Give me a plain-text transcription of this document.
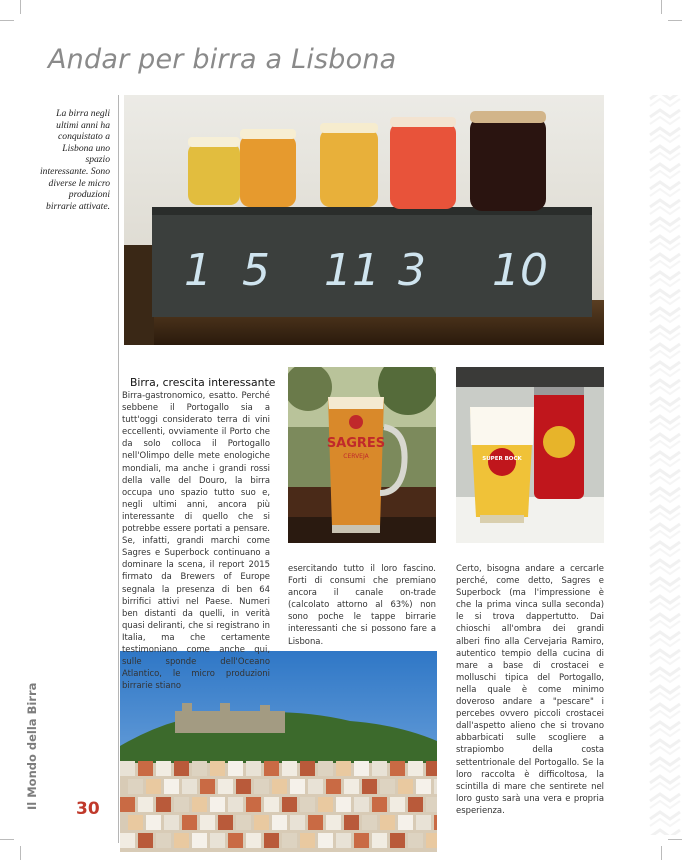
Andar per birra a Lisbona
La birra negli ultimi anni ha conquistato a Lisbona uno spazio interessante. Sono diverse le micro produzioni birrarie attivate.
1 5 11 3 10
SAGRES
CERVEJA	SUPER BOCK
Birra, crescita interessante
Birra-gastronomico, esatto. Perché sebbene il Portogallo sia a tutt'oggi considerato terra di vini eccellenti, ovviamente il Porto che da solo colloca il Portogallo nell'Olimpo delle mete enologiche mondiali, ma anche i grandi rossi della valle del Douro, la birra occupa uno spazio tutto suo e, negli ultimi anni, ancora più interessante di quello che si potrebbe essere portati a pensare. Se, infatti, grandi marchi come Sagres e Superbock continuano a dominare la scena, il report 2015 firmato da Brewers of Europe segnala la presenza di ben 64 birrifici attivi nel Paese. Numeri ben distanti da quelli, in verità quasi deliranti, che si registrano in Italia, ma che certamente testimoniano come anche qui, sulle sponde dell'Oceano Atlantico, le micro produzioni birrarie stiano
esercitando tutto il loro fascino. Forti di consumi che premiano ancora il canale on-trade (calcolato attorno al 63%) non sono poche le tappe birrarie interessanti che si possono fare a Lisbona.
Certo, bisogna andare a cercarle perché, come detto, Sagres e Superbock (ma l'impressione è che la prima vinca sulla seconda) le si trova dappertutto. Dai chioschi all'ombra dei grandi alberi fino alla Cervejaria Ramiro, autentico tempio della cucina di mare a base di crostacei e molluschi tipica del Portogallo, nella quale è come minimo doveroso andare a "pescare" i percebes ovvero piccoli crostacei dall'aspetto alieno che si trovano abbarbicati sulle scogliere a strapiombo della costa settentrionale del Portogallo. Se la loro raccolta è difficoltosa, la scintilla di mare che sentirete nel loro gusto sarà una vera e propria esperienza.
Il Mondo della Birra 30
